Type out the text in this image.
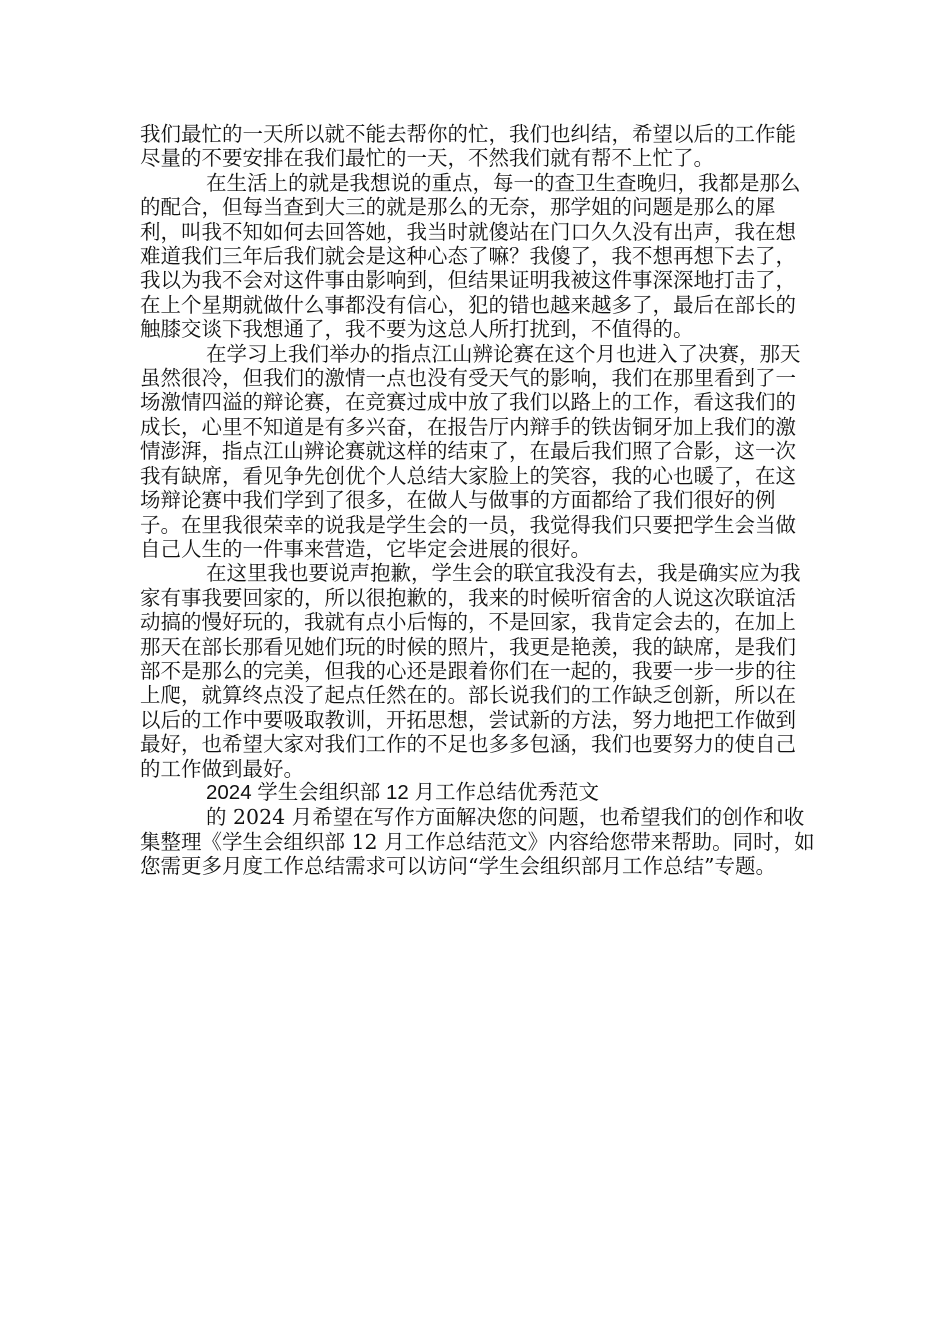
我们最忙的一天所以就不能去帮你的忙，我们也纠结，希望以后的工作能尽量的不要安排在我们最忙的一天，不然我们就有帮不上忙了。

在生活上的就是我想说的重点，每一的查卫生查晚归，我都是那么的配合，但每当查到大三的就是那么的无奈，那学姐的问题是那么的犀利，叫我不知如何去回答她，我当时就傻站在门口久久没有出声，我在想难道我们三年后我们就会是这种心态了嘛？我傻了，我不想再想下去了，我以为我不会对这件事由影响到，但结果证明我被这件事深深地打击了，在上个星期就做什么事都没有信心，犯的错也越来越多了，最后在部长的触膝交谈下我想通了，我不要为这总人所打扰到，不值得的。

在学习上我们举办的指点江山辨论赛在这个月也进入了决赛，那天虽然很冷，但我们的激情一点也没有受天气的影响，我们在那里看到了一场激情四溢的辩论赛，在竞赛过成中放了我们以路上的工作，看这我们的成长，心里不知道是有多兴奋，在报告厅内辩手的铁齿铜牙加上我们的激情澎湃，指点江山辨论赛就这样的结束了，在最后我们照了合影，这一次我有缺席，看见争先创优个人总结大家脸上的笑容，我的心也暖了，在这场辩论赛中我们学到了很多，在做人与做事的方面都给了我们很好的例子。在里我很荣幸的说我是学生会的一员，我觉得我们只要把学生会当做自己人生的一件事来营造，它毕定会进展的很好。

在这里我也要说声抱歉，学生会的联宜我没有去，我是确实应为我家有事我要回家的，所以很抱歉的，我来的时候听宿舍的人说这次联谊活动搞的慢好玩的，我就有点小后悔的，不是回家，我肯定会去的，在加上那天在部长那看见她们玩的时候的照片，我更是艳羡，我的缺席，是我们部不是那么的完美，但我的心还是跟着你们在一起的，我要一步一步的往上爬，就算终点没了起点任然在的。部长说我们的工作缺乏创新，所以在以后的工作中要吸取教训，开拓思想，尝试新的方法，努力地把工作做到最好，也希望大家对我们工作的不足也多多包涵，我们也要努力的使自己的工作做到最好。

2024 学生会组织部 12 月工作总结优秀范文

的 2024 月希望在写作方面解决您的问题，也希望我们的创作和收集整理《学生会组织部 12 月工作总结范文》内容给您带来帮助。同时，如您需更多月度工作总结需求可以访问“学生会组织部月工作总结”专题。
